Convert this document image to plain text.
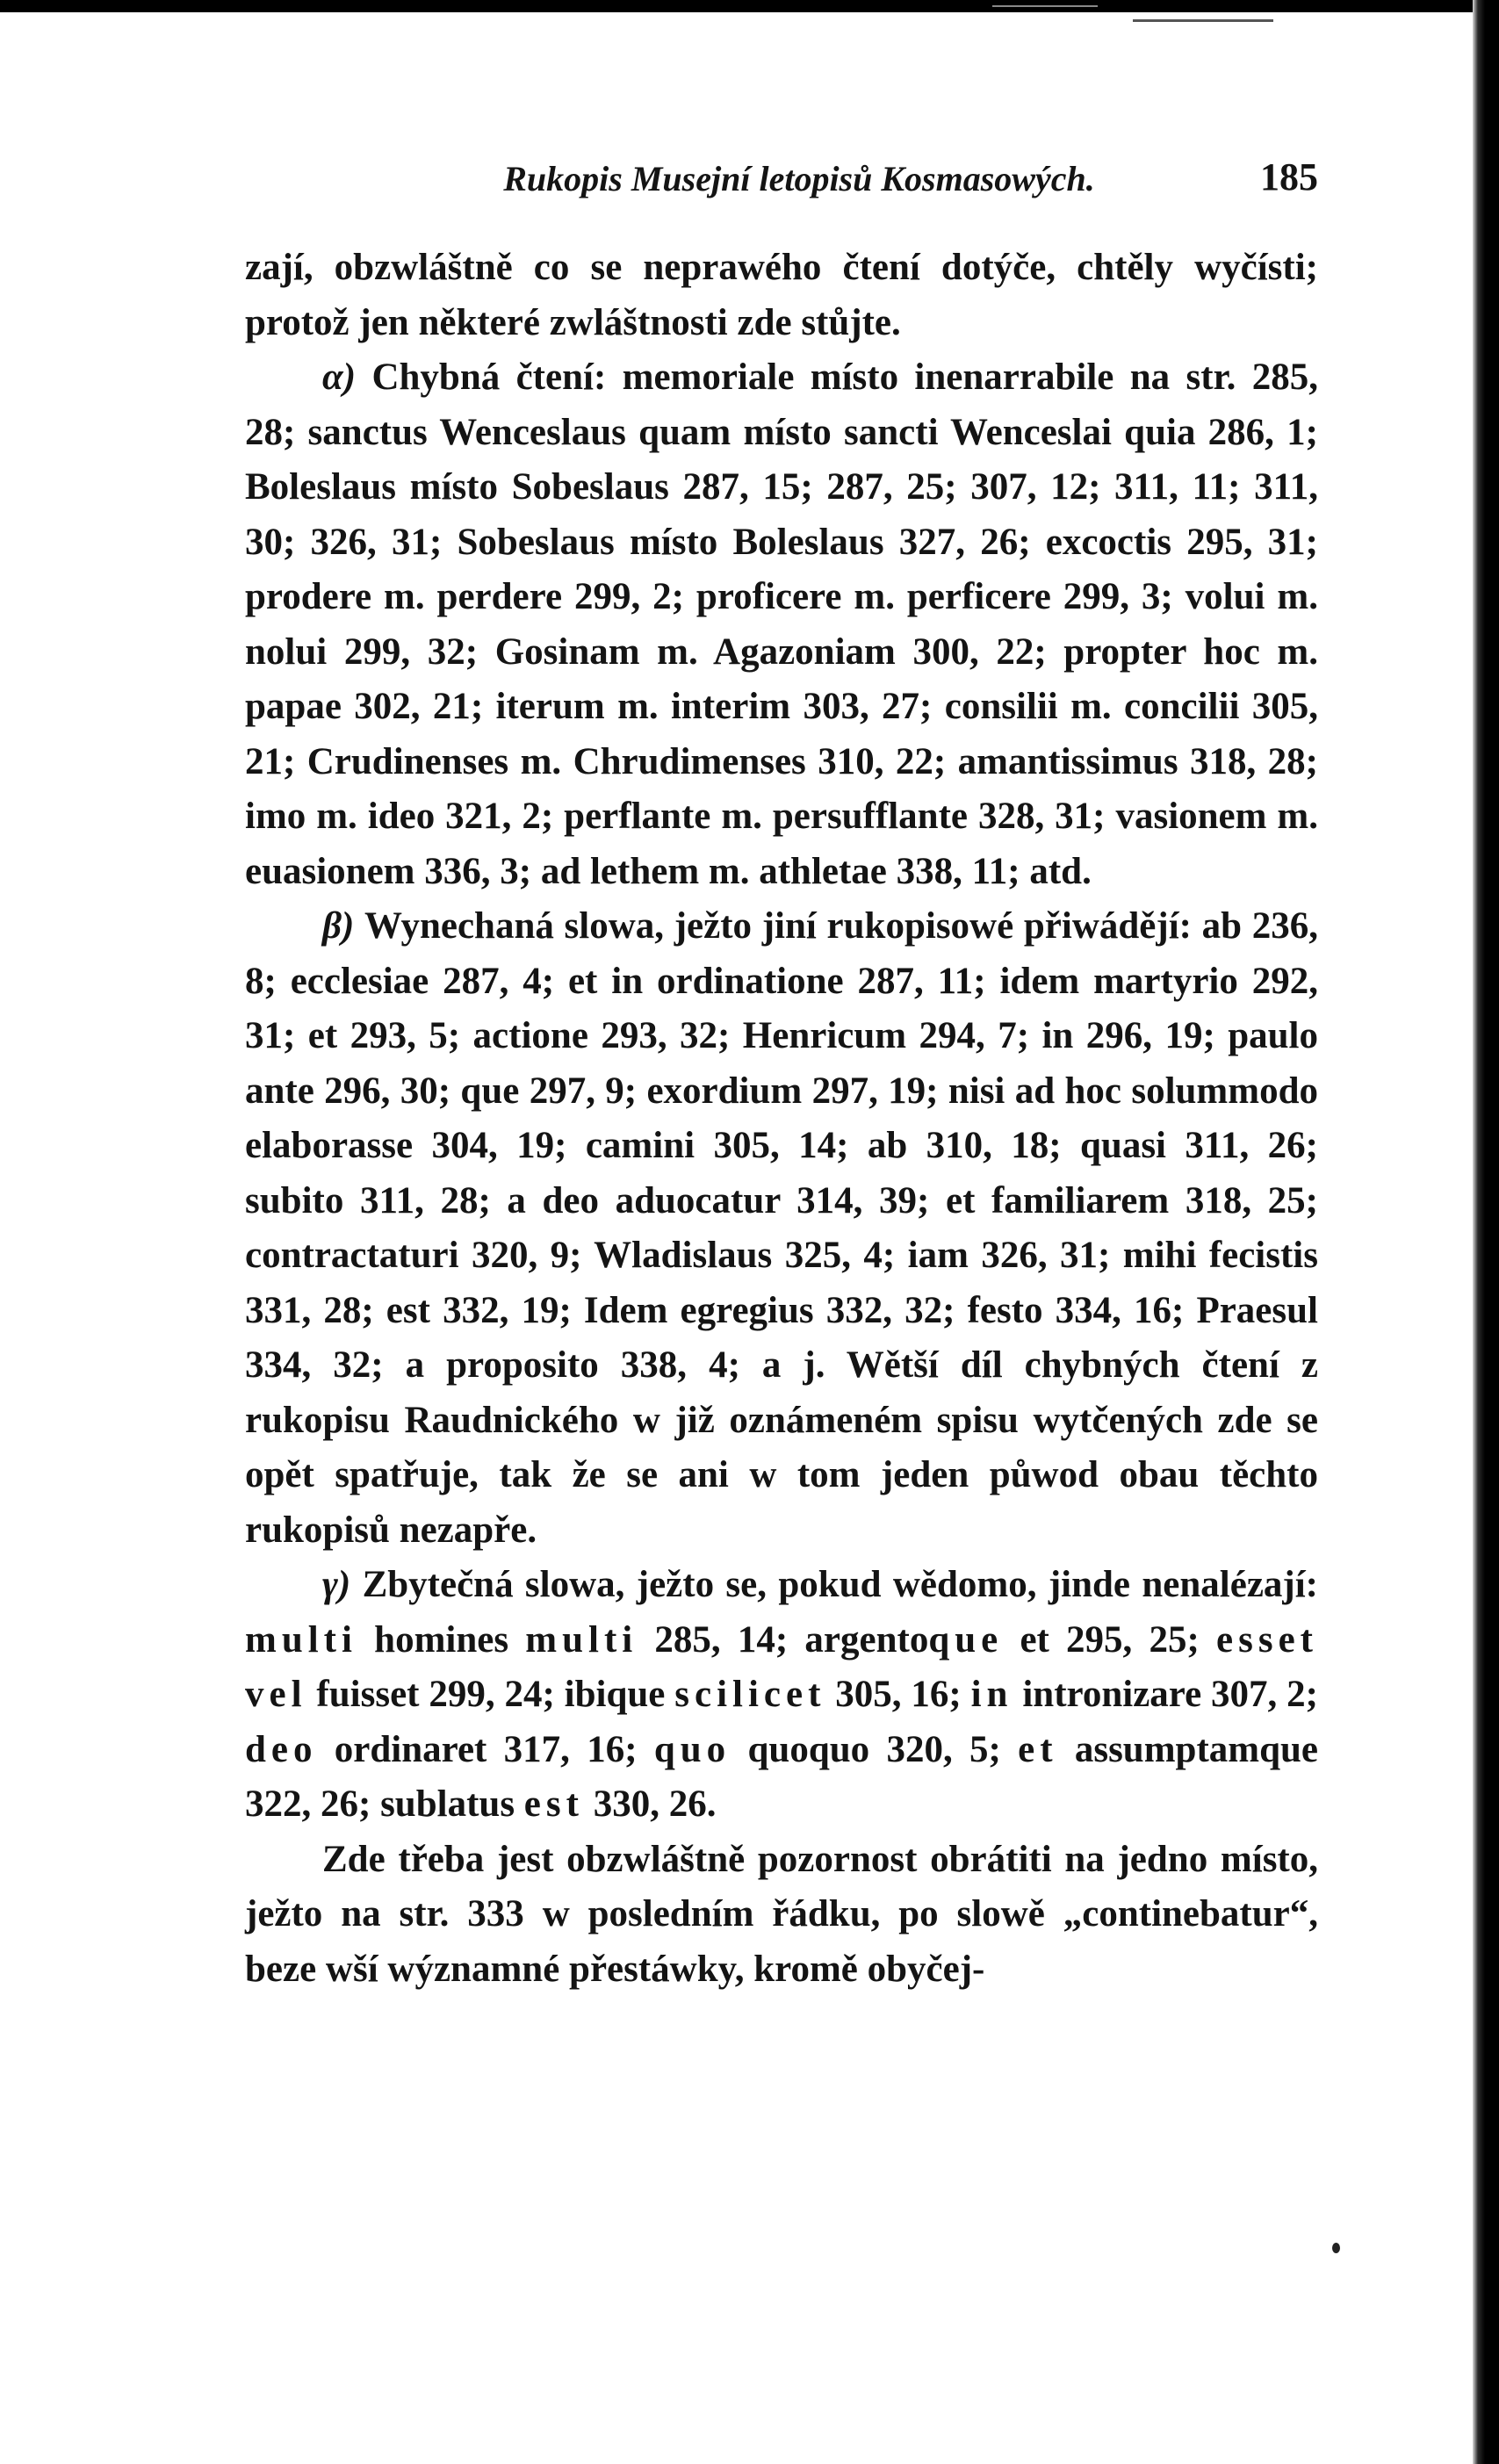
Rukopis Musejní letopisů Kosmasowých.	185

zají, obzwláštně co se neprawého čtení dotýče, chtěly wyčísti; protož jen některé zwláštnosti zde stůjte.

α) Chybná čtení: memoriale místo inenarrabile na str. 285, 28; sanctus Wenceslaus quam místo sancti Wenceslai quia 286, 1; Boleslaus místo Sobeslaus 287, 15; 287, 25; 307, 12; 311, 11; 311, 30; 326, 31; Sobeslaus místo Boleslaus 327, 26; excoctis 295, 31; prodere m. perdere 299, 2; proficere m. perficere 299, 3; volui m. nolui 299, 32; Gosinam m. Agazoniam 300, 22; propter hoc m. papae 302, 21; iterum m. interim 303, 27; consilii m. concilii 305, 21; Crudinenses m. Chrudimenses 310, 22; amantissimus 318, 28; imo m. ideo 321, 2; perflante m. persufflante 328, 31; vasionem m. euasionem 336, 3; ad lethem m. athletae 338, 11; atd.

β) Wynechaná slowa, ježto jiní rukopisowé přiwádějí: ab 236, 8; ecclesiae 287, 4; et in ordinatione 287, 11; idem martyrio 292, 31; et 293, 5; actione 293, 32; Henricum 294, 7; in 296, 19; paulo ante 296, 30; que 297, 9; exordium 297, 19; nisi ad hoc solummodo elaborasse 304, 19; camini 305, 14; ab 310, 18; quasi 311, 26; subito 311, 28; a deo aduocatur 314, 39; et familiarem 318, 25; contractaturi 320, 9; Wladislaus 325, 4; iam 326, 31; mihi fecistis 331, 28; est 332, 19; Idem egregius 332, 32; festo 334, 16; Praesul 334, 32; a proposito 338, 4; a j. Wětší díl chybných čtení z rukopisu Raudnického w již oznámeném spisu wytčených zde se opět spatřuje, tak že se ani w tom jeden půwod obau těchto rukopisů nezapře.

γ) Zbytečná slowa, ježto se, pokud wědomo, jinde nenalézají: multi homines multi 285, 14; argentoque et 295, 25; esset vel fuisset 299, 24; ibique scilicet 305, 16; in intronizare 307, 2; deo ordinaret 317, 16; quo quoquo 320, 5; et assumptamque 322, 26; sublatus est 330, 26.

Zde třeba jest obzwláštně pozornost obrátiti na jedno místo, ježto na str. 333 w posledním řádku, po slowě „continebatur“, beze wší wýznamné přestáwky, kromě obyčej-
